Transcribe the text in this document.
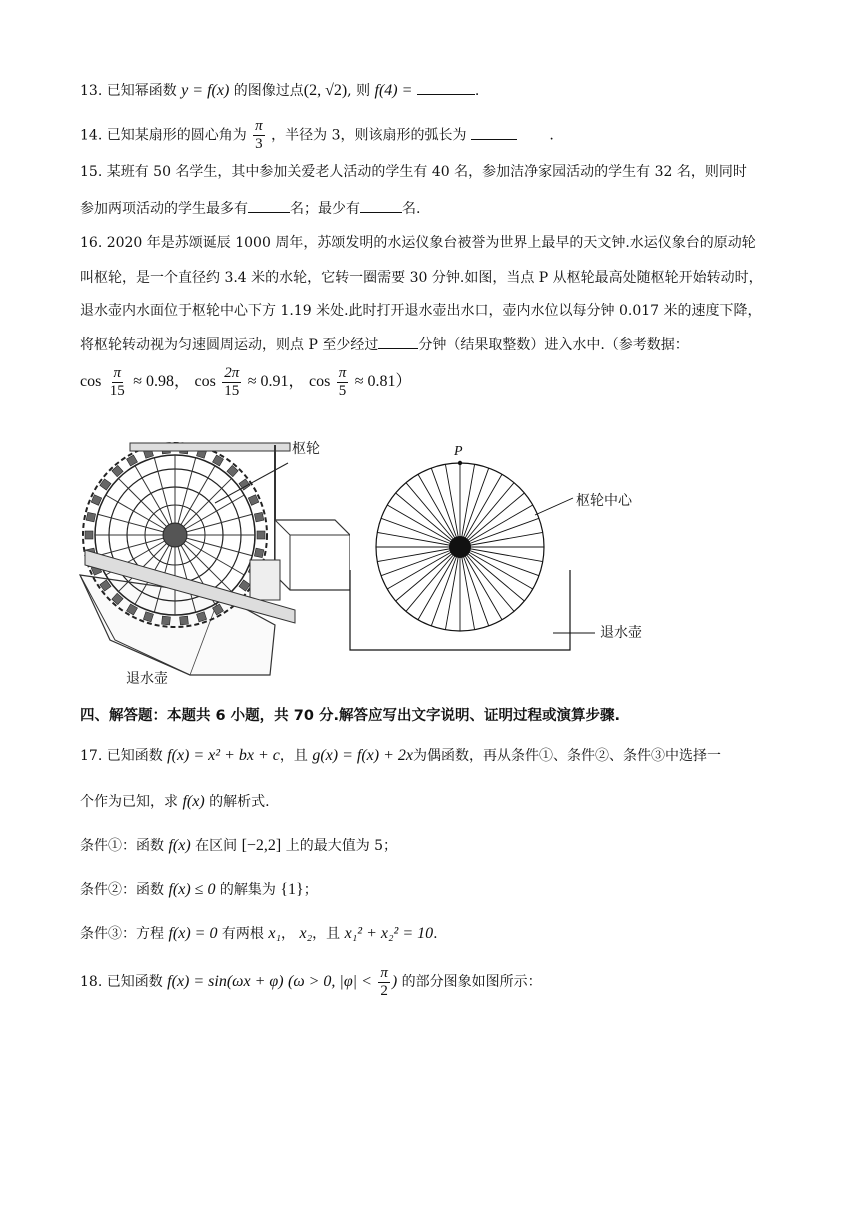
13. 已知幂函数 y = f(x) 的图像过点(2, √2), 则 f(4) =	.
14. 已知某扇形的圆心角为 $\frac{\pi}{3}$ ，半径为 3，则该扇形的弧长为	.
15. 某班有 50 名学生，其中参加关爱老人活动的学生有 40 名，参加洁净家园活动的学生有 32 名，则同时
参加两项活动的学生最多有	名；最少有	名.
16. 2020 年是苏颂诞辰 1000 周年，苏颂发明的水运仪象台被誉为世界上最早的天文钟.水运仪象台的原动轮
叫枢轮，是一个直径约 3.4 米的水轮，它转一圈需要 30 分钟.如图，当点 P 从枢轮最高处随枢轮开始转动时，
退水壶内水面位于枢轮中心下方 1.19 米处.此时打开退水壶出水口，壶内水位以每分钟 0.017 米的速度下降，
将枢轮转动视为匀速圆周运动，则点 P 至少经过	分钟（结果取整数）进入水中.（参考数据：
$\cos \frac{\pi}{15} \approx 0.98$， $\cos \frac{2\pi}{15} \approx 0.91$， $\cos \frac{\pi}{5} \approx 0.81$）
枢轮
退水壶
P
枢轮中心
退水壶
四、解答题：本题共 6 小题，共 70 分.解答应写出文字说明、证明过程或演算步骤.
17. 已知函数 f(x) = x² + bx + c，且 g(x) = f(x) + 2x为偶函数，再从条件①、条件②、条件③中选择一
个作为已知，求 f(x) 的解析式.
条件①：函数 f(x) 在区间 [−2,2] 上的最大值为 5；
条件②：函数 f(x) ≤ 0 的解集为 {1}；
条件③：方程 f(x) = 0 有两根 x₁， x₂，且 x₁² + x₂² = 10.
18. 已知函数 f(x) = sin(ωx + φ) (ω > 0, $|\varphi| < \frac{\pi}{2}$ ) 的部分图象如图所示：
